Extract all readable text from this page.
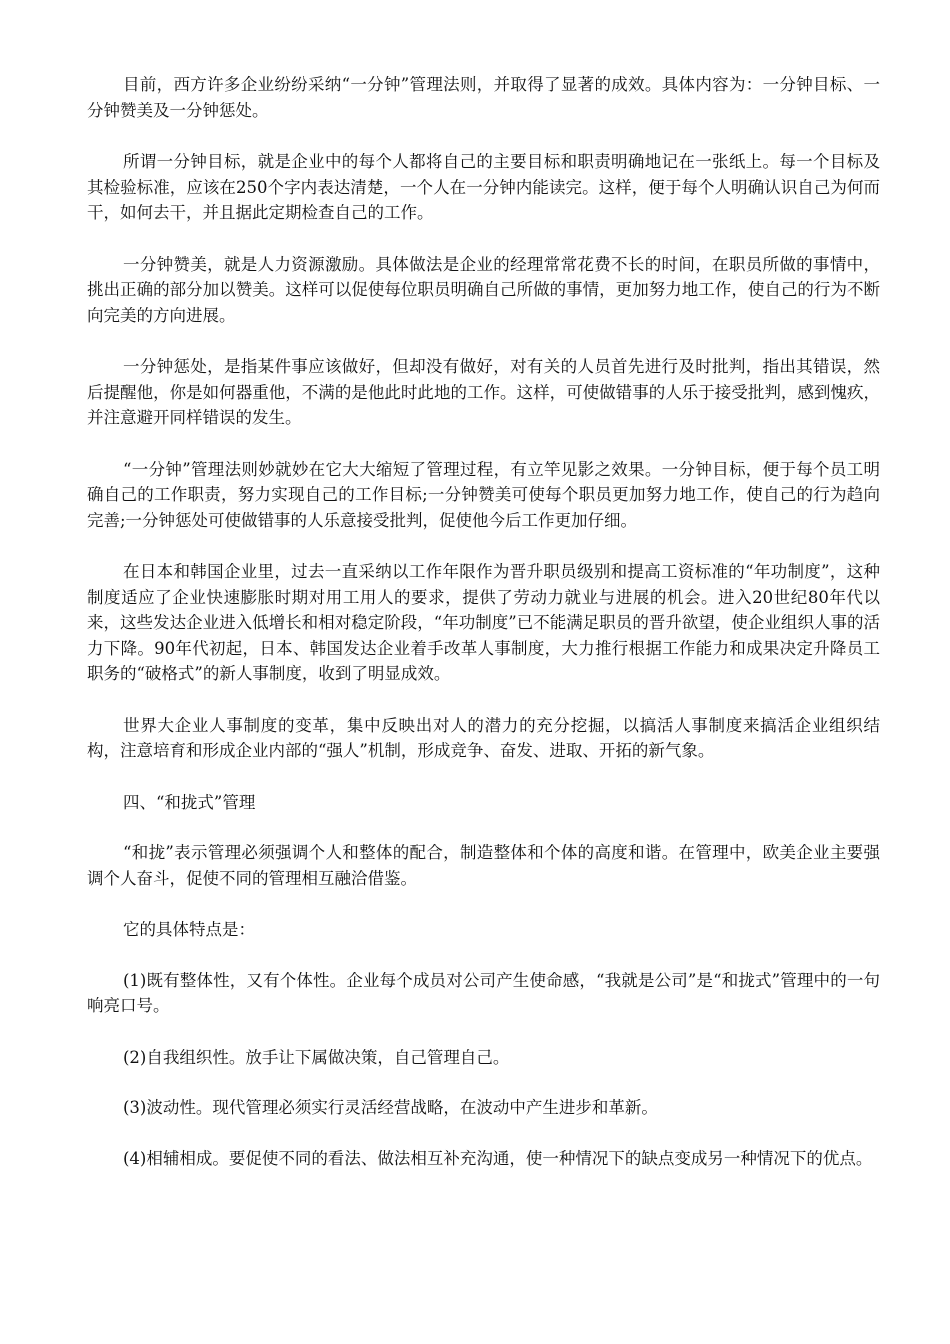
目前，西方许多企业纷纷采纳“一分钟”管理法则，并取得了显著的成效。具体内容为：一分钟目标、一分钟赞美及一分钟惩处。

所谓一分钟目标，就是企业中的每个人都将自己的主要目标和职责明确地记在一张纸上。每一个目标及其检验标准，应该在250个字内表达清楚，一个人在一分钟内能读完。这样，便于每个人明确认识自己为何而干，如何去干，并且据此定期检查自己的工作。

一分钟赞美，就是人力资源激励。具体做法是企业的经理常常花费不长的时间，在职员所做的事情中，挑出正确的部分加以赞美。这样可以促使每位职员明确自己所做的事情，更加努力地工作，使自己的行为不断向完美的方向进展。

一分钟惩处，是指某件事应该做好，但却没有做好，对有关的人员首先进行及时批判，指出其错误，然后提醒他，你是如何器重他，不满的是他此时此地的工作。这样，可使做错事的人乐于接受批判，感到愧疚，并注意避开同样错误的发生。

“一分钟”管理法则妙就妙在它大大缩短了管理过程，有立竿见影之效果。一分钟目标，便于每个员工明确自己的工作职责，努力实现自己的工作目标;一分钟赞美可使每个职员更加努力地工作，使自己的行为趋向完善;一分钟惩处可使做错事的人乐意接受批判，促使他今后工作更加仔细。

在日本和韩国企业里，过去一直采纳以工作年限作为晋升职员级别和提高工资标准的“年功制度”，这种制度适应了企业快速膨胀时期对用工用人的要求，提供了劳动力就业与进展的机会。进入20世纪80年代以来，这些发达企业进入低增长和相对稳定阶段，“年功制度”已不能满足职员的晋升欲望，使企业组织人事的活力下降。90年代初起，日本、韩国发达企业着手改革人事制度，大力推行根据工作能力和成果决定升降员工职务的“破格式”的新人事制度，收到了明显成效。

世界大企业人事制度的变革，集中反映出对人的潜力的充分挖掘，以搞活人事制度来搞活企业组织结构，注意培育和形成企业内部的“强人”机制，形成竞争、奋发、进取、开拓的新气象。

四、“和拢式”管理

“和拢”表示管理必须强调个人和整体的配合，制造整体和个体的高度和谐。在管理中，欧美企业主要强调个人奋斗，促使不同的管理相互融洽借鉴。

它的具体特点是：

(1)既有整体性，又有个体性。企业每个成员对公司产生使命感，“我就是公司”是“和拢式”管理中的一句响亮口号。

(2)自我组织性。放手让下属做决策，自己管理自己。

(3)波动性。现代管理必须实行灵活经营战略，在波动中产生进步和革新。

(4)相辅相成。要促使不同的看法、做法相互补充沟通，使一种情况下的缺点变成另一种情况下的优点。
